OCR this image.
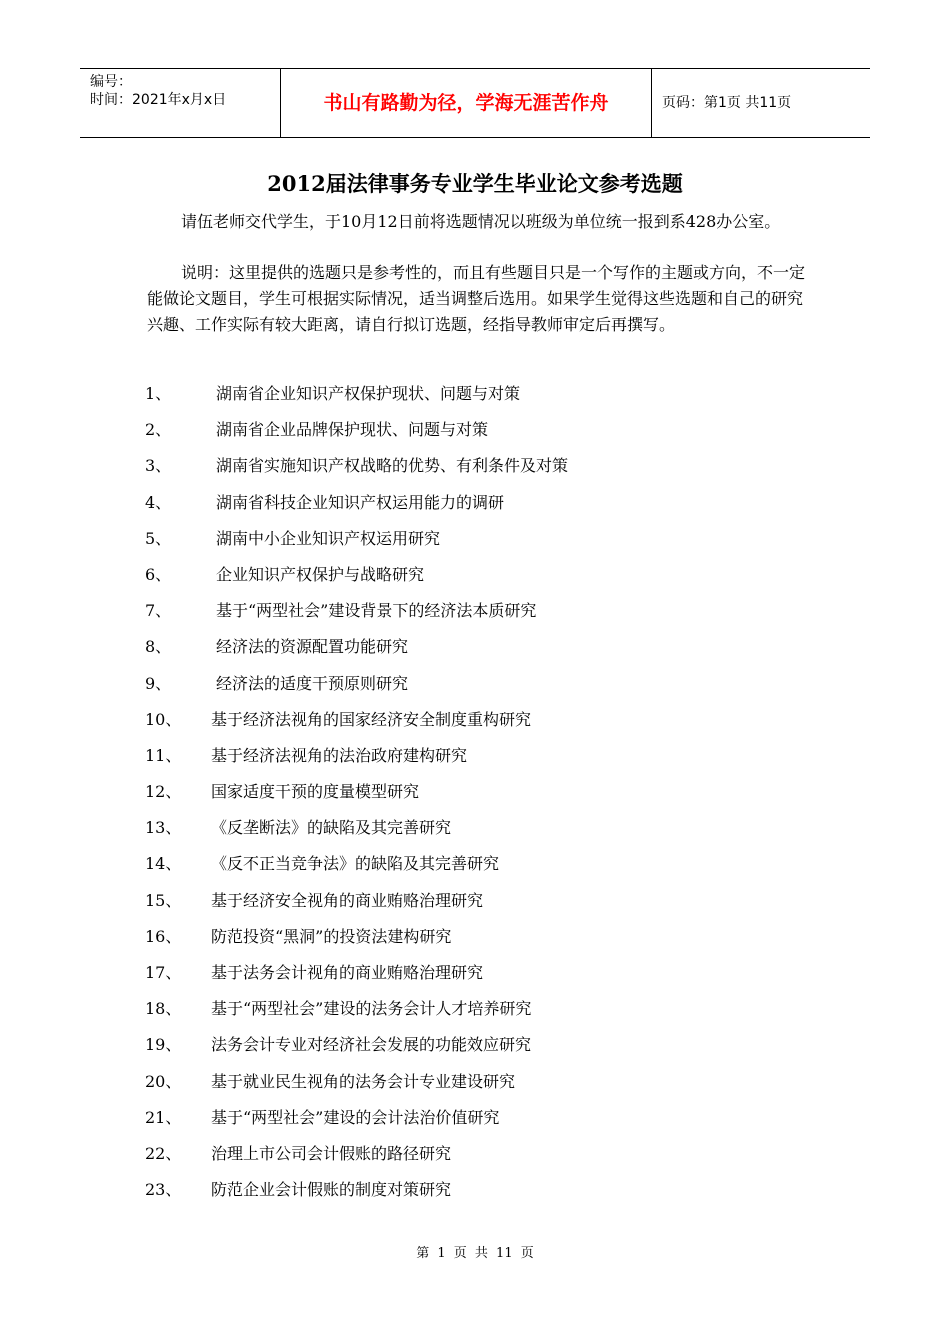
编号：
时间：2021年x月x日	书山有路勤为径，学海无涯苦作舟	页码：第1页 共11页
2012届法律事务专业学生毕业论文参考选题
请伍老师交代学生，于10月12日前将选题情况以班级为单位统一报到系428办公室。
说明：这里提供的选题只是参考性的，而且有些题目只是一个写作的主题或方向，不一定能做论文题目，学生可根据实际情况，适当调整后选用。如果学生觉得这些选题和自己的研究兴趣、工作实际有较大距离，请自行拟订选题，经指导教师审定后再撰写。
1、	湖南省企业知识产权保护现状、问题与对策
2、	湖南省企业品牌保护现状、问题与对策
3、	湖南省实施知识产权战略的优势、有利条件及对策
4、	湖南省科技企业知识产权运用能力的调研
5、	湖南中小企业知识产权运用研究
6、	企业知识产权保护与战略研究
7、	基于“两型社会”建设背景下的经济法本质研究
8、	经济法的资源配置功能研究
9、	经济法的适度干预原则研究
10、 基于经济法视角的国家经济安全制度重构研究
11、 基于经济法视角的法治政府建构研究
12、 国家适度干预的度量模型研究
13、 《反垄断法》的缺陷及其完善研究
14、 《反不正当竞争法》的缺陷及其完善研究
15、 基于经济安全视角的商业贿赂治理研究
16、 防范投资“黑洞”的投资法建构研究
17、 基于法务会计视角的商业贿赂治理研究
18、 基于“两型社会”建设的法务会计人才培养研究
19、 法务会计专业对经济社会发展的功能效应研究
20、 基于就业民生视角的法务会计专业建设研究
21、 基于“两型社会”建设的会计法治价值研究
22、 治理上市公司会计假账的路径研究
23、 防范企业会计假账的制度对策研究
第 1 页 共 11 页
